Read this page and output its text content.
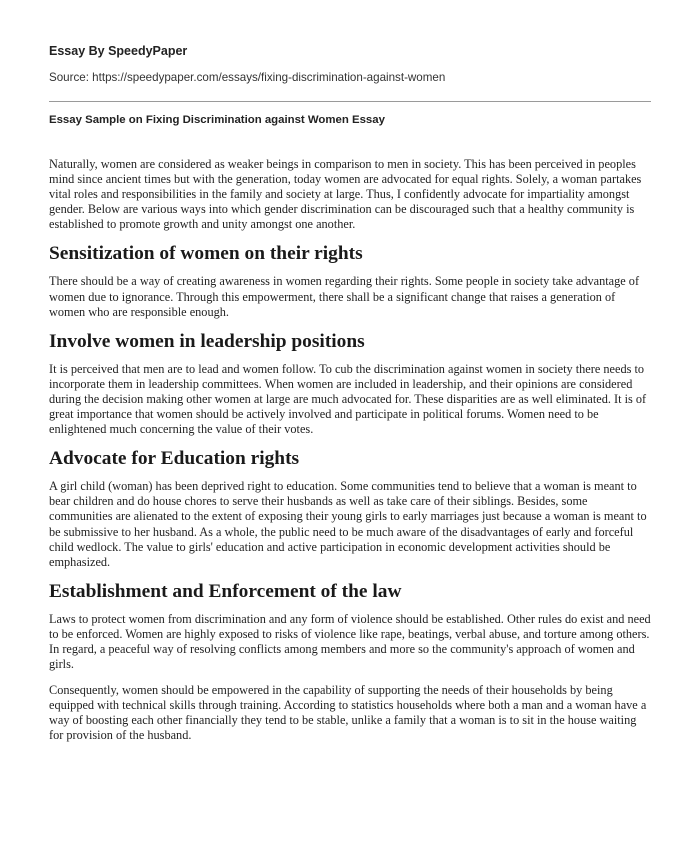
Essay By SpeedyPaper
Source: https://speedypaper.com/essays/fixing-discrimination-against-women
Essay Sample on Fixing Discrimination against Women Essay

Naturally, women are considered as weaker beings in comparison to men in society. This has been perceived in peoples mind since ancient times but with the generation, today women are advocated for equal rights. Solely, a woman partakes vital roles and responsibilities in the family and society at large. Thus, I confidently advocate for impartiality amongst gender. Below are various ways into which gender discrimination can be discouraged such that a healthy community is established to promote growth and unity amongst one another.

Sensitization of women on their rights

There should be a way of creating awareness in women regarding their rights. Some people in society take advantage of women due to ignorance. Through this empowerment, there shall be a significant change that raises a generation of women who are responsible enough.

Involve women in leadership positions

It is perceived that men are to lead and women follow. To cub the discrimination against women in society there needs to incorporate them in leadership committees. When women are included in leadership, and their opinions are considered during the decision making other women at large are much advocated for. These disparities are as well eliminated. It is of great importance that women should be actively involved and participate in political forums. Women need to be enlightened much concerning the value of their votes.

Advocate for Education rights

A girl child (woman) has been deprived right to education. Some communities tend to believe that a woman is meant to bear children and do house chores to serve their husbands as well as take care of their siblings. Besides, some communities are alienated to the extent of exposing their young girls to early marriages just because a woman is meant to be submissive to her husband. As a whole, the public need to be much aware of the disadvantages of early and forceful child wedlock. The value to girls' education and active participation in economic development activities should be emphasized.

Establishment and Enforcement of the law

Laws to protect women from discrimination and any form of violence should be established. Other rules do exist and need to be enforced. Women are highly exposed to risks of violence like rape, beatings, verbal abuse, and torture among others. In regard, a peaceful way of resolving conflicts among members and more so the community's approach of women and girls.

Consequently, women should be empowered in the capability of supporting the needs of their households by being equipped with technical skills through training. According to statistics households where both a man and a woman have a way of boosting each other financially they tend to be stable, unlike a family that a woman is to sit in the house waiting for provision of the husband.
